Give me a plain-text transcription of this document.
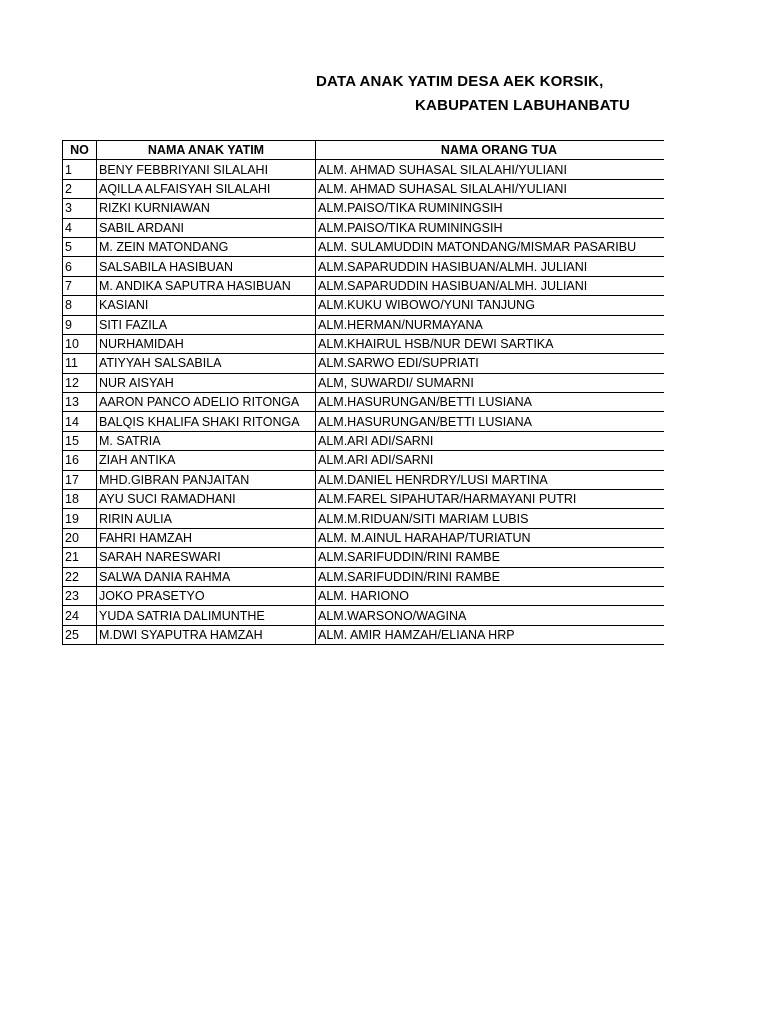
DATA ANAK YATIM DESA AEK KORSIK,
KABUPATEN LABUHANBATU
NO	NAMA ANAK YATIM	NAMA ORANG TUA
1	BENY FEBBRIYANI SILALAHI	ALM. AHMAD SUHASAL SILALAHI/YULIANI
2	AQILLA ALFAISYAH SILALAHI	ALM. AHMAD SUHASAL SILALAHI/YULIANI
3	RIZKI KURNIAWAN	ALM.PAISO/TIKA RUMININGSIH
4	SABIL ARDANI	ALM.PAISO/TIKA RUMININGSIH
5	M. ZEIN MATONDANG	ALM. SULAMUDDIN MATONDANG/MISMAR PASARIBU
6	SALSABILA HASIBUAN	ALM.SAPARUDDIN HASIBUAN/ALMH. JULIANI
7	M. ANDIKA SAPUTRA HASIBUAN	ALM.SAPARUDDIN HASIBUAN/ALMH. JULIANI
8	KASIANI	ALM.KUKU WIBOWO/YUNI TANJUNG
9	SITI FAZILA	ALM.HERMAN/NURMAYANA
10	NURHAMIDAH	ALM.KHAIRUL HSB/NUR DEWI SARTIKA
11	ATIYYAH SALSABILA	ALM.SARWO EDI/SUPRIATI
12	NUR AISYAH	ALM, SUWARDI/ SUMARNI
13	AARON PANCO ADELIO RITONGA	ALM.HASURUNGAN/BETTI LUSIANA
14	BALQIS KHALIFA SHAKI RITONGA	ALM.HASURUNGAN/BETTI LUSIANA
15	M. SATRIA	ALM.ARI ADI/SARNI
16	ZIAH ANTIKA	ALM.ARI ADI/SARNI
17	MHD.GIBRAN PANJAITAN	ALM.DANIEL HENRDRY/LUSI MARTINA
18	AYU SUCI RAMADHANI	ALM.FAREL SIPAHUTAR/HARMAYANI PUTRI
19	RIRIN AULIA	ALM.M.RIDUAN/SITI MARIAM LUBIS
20	FAHRI HAMZAH	ALM. M.AINUL HARAHAP/TURIATUN
21	SARAH NARESWARI	ALM.SARIFUDDIN/RINI RAMBE
22	SALWA DANIA RAHMA	ALM.SARIFUDDIN/RINI RAMBE
23	JOKO PRASETYO	ALM. HARIONO
24	YUDA SATRIA DALIMUNTHE	ALM.WARSONO/WAGINA
25	M.DWI SYAPUTRA HAMZAH	ALM. AMIR HAMZAH/ELIANA HRP
